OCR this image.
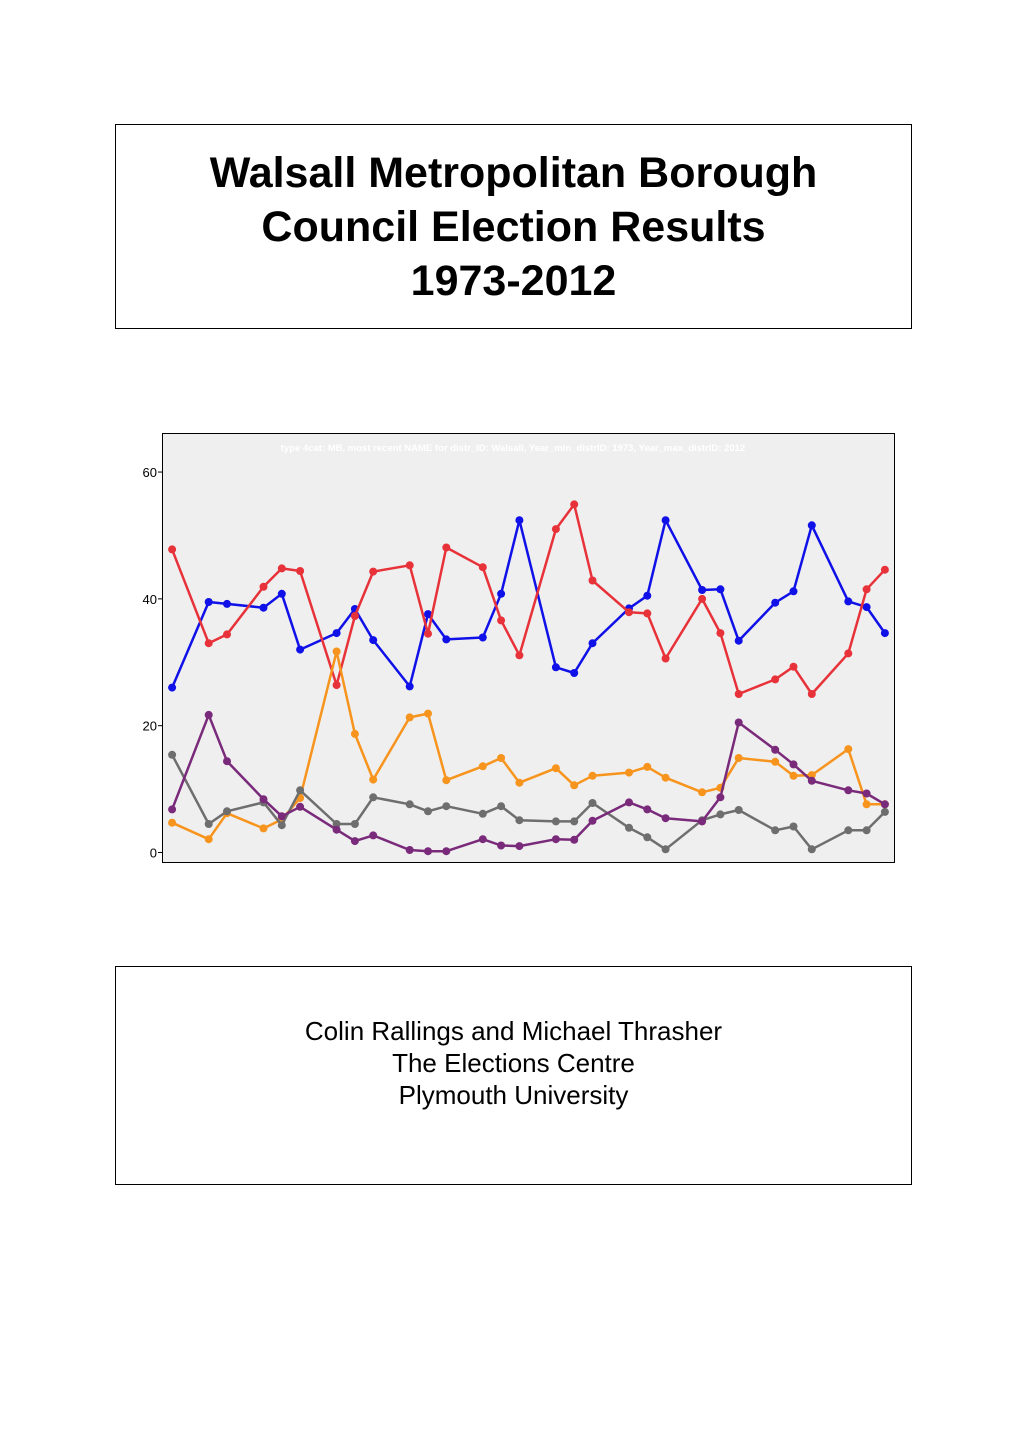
Walsall Metropolitan Borough
Council Election Results
1973-2012
0
20
40
60
type 4cat: MB, most recent NAME for distr_ID: Walsall, Year_min_distrID: 1973, Year_max_distrID: 2012
Colin Rallings and Michael Thrasher
The Elections Centre
Plymouth University
